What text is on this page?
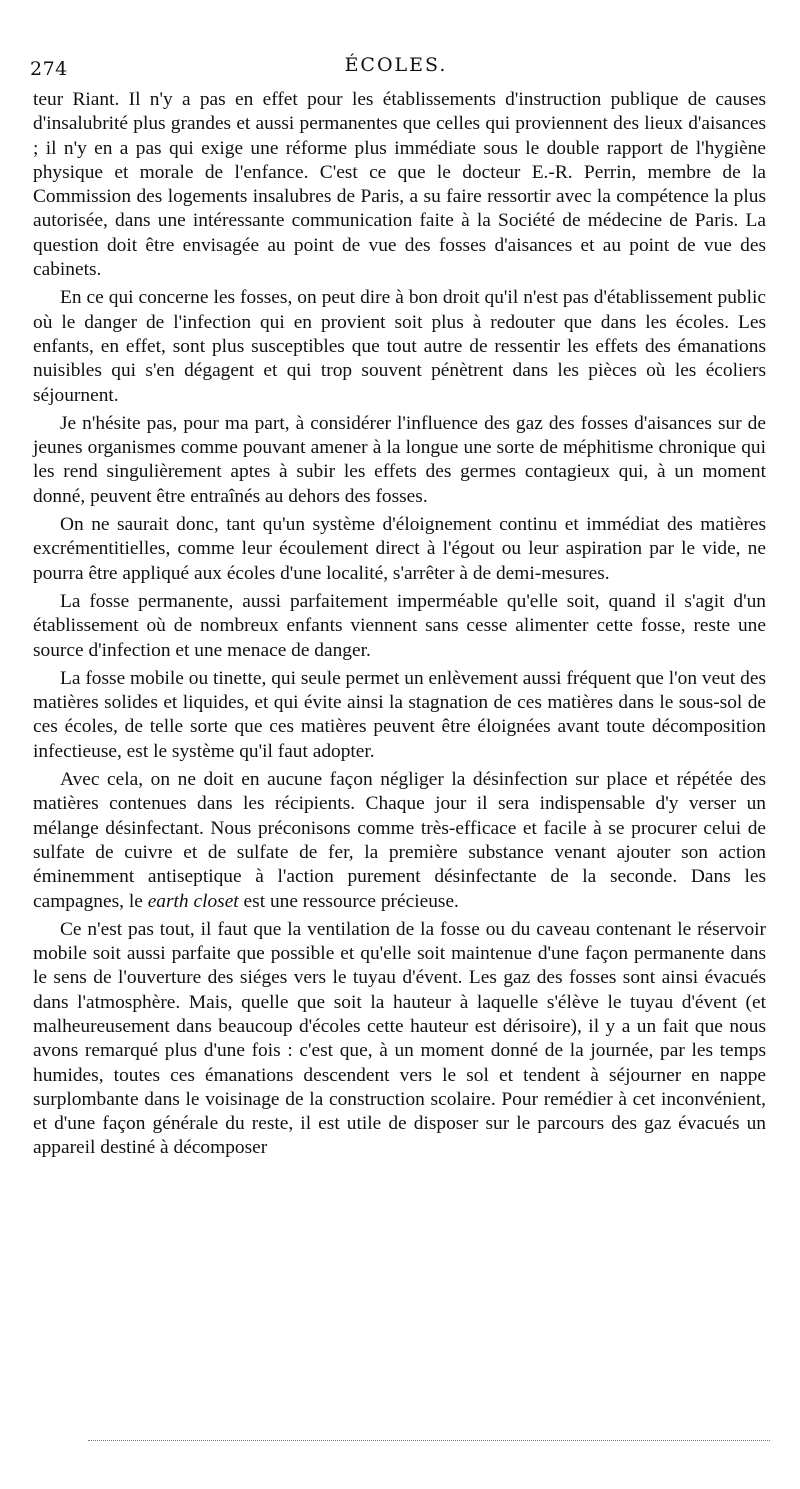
274	ÉCOLES.

teur Riant. Il n'y a pas en effet pour les établissements d'instruction publique de causes d'insalubrité plus grandes et aussi permanentes que celles qui proviennent des lieux d'aisances ; il n'y en a pas qui exige une réforme plus immédiate sous le double rapport de l'hygiène physique et morale de l'enfance. C'est ce que le docteur E.-R. Perrin, membre de la Commission des logements insalubres de Paris, a su faire ressortir avec la compétence la plus autorisée, dans une intéressante communication faite à la Société de médecine de Paris. La question doit être envisagée au point de vue des fosses d'aisances et au point de vue des cabinets.

En ce qui concerne les fosses, on peut dire à bon droit qu'il n'est pas d'établissement public où le danger de l'infection qui en provient soit plus à redouter que dans les écoles. Les enfants, en effet, sont plus susceptibles que tout autre de ressentir les effets des émanations nuisibles qui s'en dégagent et qui trop souvent pénètrent dans les pièces où les écoliers séjournent.

Je n'hésite pas, pour ma part, à considérer l'influence des gaz des fosses d'aisances sur de jeunes organismes comme pouvant amener à la longue une sorte de méphitisme chronique qui les rend singulièrement aptes à subir les effets des germes contagieux qui, à un moment donné, peuvent être entraînés au dehors des fosses.

On ne saurait donc, tant qu'un système d'éloignement continu et immédiat des matières excrémentitielles, comme leur écoulement direct à l'égout ou leur aspiration par le vide, ne pourra être appliqué aux écoles d'une localité, s'arrêter à de demi-mesures.

La fosse permanente, aussi parfaitement imperméable qu'elle soit, quand il s'agit d'un établissement où de nombreux enfants viennent sans cesse alimenter cette fosse, reste une source d'infection et une menace de danger.

La fosse mobile ou tinette, qui seule permet un enlèvement aussi fréquent que l'on veut des matières solides et liquides, et qui évite ainsi la stagnation de ces matières dans le sous-sol de ces écoles, de telle sorte que ces matières peuvent être éloignées avant toute décomposition infectieuse, est le système qu'il faut adopter.

Avec cela, on ne doit en aucune façon négliger la désinfection sur place et répétée des matières contenues dans les récipients. Chaque jour il sera indispensable d'y verser un mélange désinfectant. Nous préconisons comme très-efficace et facile à se procurer celui de sulfate de cuivre et de sulfate de fer, la première substance venant ajouter son action éminemment antiseptique à l'action purement désinfectante de la seconde. Dans les campagnes, le earth closet est une ressource précieuse.

Ce n'est pas tout, il faut que la ventilation de la fosse ou du caveau contenant le réservoir mobile soit aussi parfaite que possible et qu'elle soit maintenue d'une façon permanente dans le sens de l'ouverture des siéges vers le tuyau d'évent. Les gaz des fosses sont ainsi évacués dans l'atmosphère. Mais, quelle que soit la hauteur à laquelle s'élève le tuyau d'évent (et malheureusement dans beaucoup d'écoles cette hauteur est dérisoire), il y a un fait que nous avons remarqué plus d'une fois : c'est que, à un moment donné de la journée, par les temps humides, toutes ces émanations descendent vers le sol et tendent à séjourner en nappe surplombante dans le voisinage de la construction scolaire. Pour remédier à cet inconvénient, et d'une façon générale du reste, il est utile de disposer sur le parcours des gaz évacués un appareil destiné à décomposer
